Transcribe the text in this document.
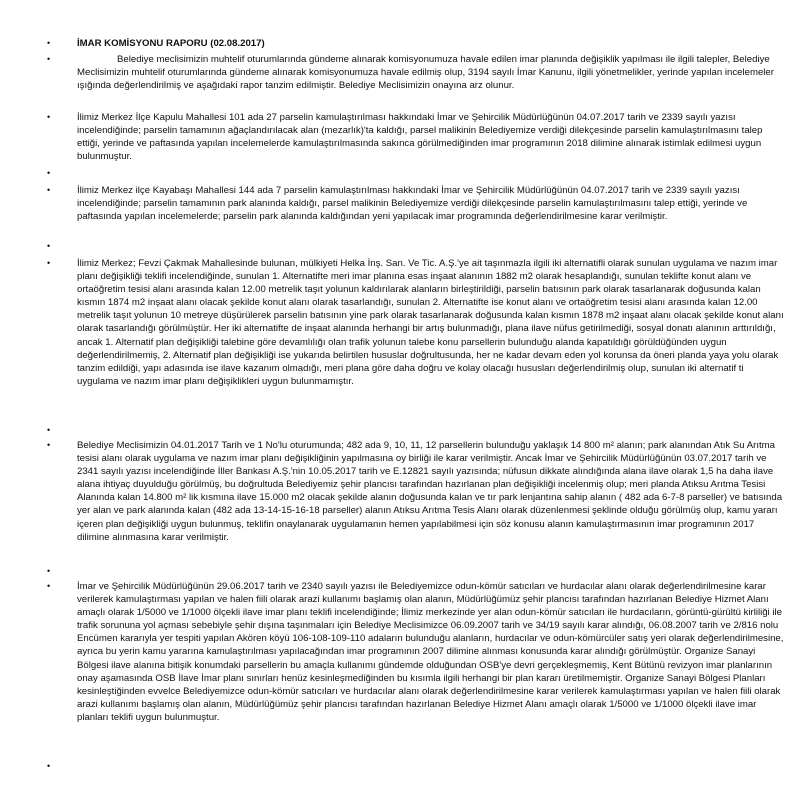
•	İMAR KOMİSYONU RAPORU (02.08.2017)
•	Belediye meclisimizin muhtelif oturumlarında gündeme alınarak komisyonumuza havale edilen imar planında değişiklik yapılması ile ilgili talepler, Belediye Meclisimizin muhtelif oturumlarında gündeme alınarak komisyonumuza havale edilmiş olup, 3194 sayılı İmar Kanunu, ilgili yönetmelikler, yerinde yapılan incelemeler ışığında değerlendirilmiş ve aşağıdaki rapor tanzim edilmiştir. Belediye Meclisimizin onayına arz olunur.
•	İlimiz Merkez İlçe Kapulu Mahallesi 101 ada 27 parselin kamulaştırılması hakkındaki İmar ve Şehircilik Müdürlüğünün 04.07.2017 tarih ve 2339 sayılı yazısı incelendiğinde; parselin tamamının ağaçlandırılacak alan (mezarlık)'ta kaldığı, parsel malikinin Belediyemize verdiği dilekçesinde parselin kamulaştırılmasını talep ettiği, yerinde ve paftasında yapılan incelemelerde kamulaştırılmasında sakınca görülmediğinden imar programının 2018 dilimine alınarak istimlak edilmesi uygun bulunmuştur.
•
•	İlimiz Merkez ilçe Kayabaşı Mahallesi 144 ada 7 parselin kamulaştırılması hakkındaki İmar ve Şehircilik Müdürlüğünün 04.07.2017 tarih ve 2339 sayılı yazısı incelendiğinde; parselin tamamının park alanında kaldığı, parsel malikinin Belediyemize verdiği dilekçesinde parselin kamulaştırılmasını talep ettiği, yerinde ve paftasında yapılan incelemelerde; parselin park alanında kaldığından yeni yapılacak imar programında değerlendirilmesine karar verilmiştir.
•
•	İlimiz Merkez; Fevzi Çakmak Mahallesinde bulunan, mülkiyeti Helka İnş. San. Ve Tic. A.Ş.'ye ait taşınmazla ilgili iki alternatifli olarak sunulan uygulama ve nazım imar planı değişikliği teklifi incelendiğinde, sunulan 1. Alternatifte meri imar planına esas inşaat alanının 1882 m2 olarak hesaplandığı, sunulan teklifte konut alanı ve ortaöğretim tesisi alanı arasında kalan 12.00 metrelik taşıt yolunun kaldırılarak alanların birleştirildiği, parselin batısının park olarak tasarlanarak doğusunda kalan kısmın 1874 m2 inşaat alanı olacak şekilde konut alanı olarak tasarlandığı, sunulan 2. Alternatifte ise konut alanı ve ortaöğretim tesisi alanı arasında kalan 12.00 metrelik taşıt yolunun 10 metreye düşürülerek parselin batısının yine park olarak tasarlanarak doğusunda kalan kısmın 1878 m2 inşaat alanı olacak şekilde konut alanı olarak tasarlandığı görülmüştür. Her iki alternatifte de inşaat alanında herhangi bir artış bulunmadığı, plana ilave nüfus getirilmediği, sosyal donatı alanının arttırıldığı, ancak 1. Alternatif plan değişikliği talebine göre devamlılığı olan trafik yolunun talebe konu parsellerin bulunduğu alanda kapatıldığı görüldüğünden uygun değerlendirilmemiş, 2. Alternatif plan değişikliği ise yukarıda belirtilen hususlar doğrultusunda, her ne kadar devam eden yol korunsa da öneri planda yaya yolu olarak tanzim edildiği, yapı adasında ise ilave kazanım olmadığı, meri plana göre daha doğru ve kolay olacağı hususları değerlendirilmiş olup, sunulan iki alternatif ti uygulama ve nazım imar planı değişiklikleri uygun bulunmamıştır.
•
•	Belediye Meclisimizin 04.01.2017 Tarih ve 1 No'lu oturumunda; 482 ada 9, 10, 11, 12 parsellerin bulunduğu yaklaşık 14 800 m² alanın; park alanından Atık Su Arıtma tesisi alanı olarak uygulama ve nazım imar planı değişikliğinin yapılmasına oy birliği ile karar verilmiştir. Ancak İmar ve Şehircilik Müdürlüğünün 03.07.2017 tarih ve 2341 sayılı yazısı incelendiğinde İller Bankası A.Ş.'nin 10.05.2017 tarih ve E.12821 sayılı yazısında; nüfusun dikkate alındığında alana ilave olarak 1,5 ha daha ilave alana ihtiyaç duyulduğu görülmüş, bu doğrultuda Belediyemiz şehir plancısı tarafından hazırlanan plan değişikliği incelenmiş olup; meri planda Atıksu Arıtma Tesisi Alanında kalan 14.800 m² lik kısmına ilave 15.000 m2 olacak şekilde alanın doğusunda kalan ve tır park lenjantına sahip alanın ( 482 ada 6-7-8 parseller) ve batısında yer alan ve park alanında kalan (482 ada 13-14-15-16-18 parseller) alanın Atıksu Arıtma Tesis Alanı olarak düzenlenmesi şeklinde olduğu görülmüş olup, kamu yararı içeren plan değişikliği uygun bulunmuş, teklifin onaylanarak uygulamanın hemen yapılabilmesi için söz konusu alanın kamulaştırmasının imar programının 2017 dilimine alınmasına karar verilmiştir.
•
•	İmar ve Şehircilik Müdürlüğünün 29.06.2017 tarih ve 2340 sayılı yazısı ile Belediyemizce odun-kömür satıcıları ve hurdacılar alanı olarak değerlendirilmesine karar verilerek kamulaştırması yapılan ve halen fiili olarak arazi kullanımı başlamış olan alanın, Müdürlüğümüz şehir plancısı tarafından hazırlanan Belediye Hizmet Alanı amaçlı olarak 1/5000 ve 1/1000 ölçekli ilave imar planı teklifi incelendiğinde; İlimiz merkezinde yer alan odun-kömür satıcıları ile hurdacıların, görüntü-gürültü kirliliği ile trafik sorununa yol açması sebebiyle şehir dışına taşınmaları için Belediye Meclisimizce 06.09.2007 tarih ve 34/19 sayılı karar alındığı, 06.08.2007 tarih ve 2/816 nolu Encümen kararıyla yer tespiti yapılan Akören köyü 106-108-109-110 adaların bulunduğu alanların, hurdacılar ve odun-kömürcüler satış yeri olarak değerlendirilmesine, ayrıca bu yerin kamu yararına kamulaştırılması yapılacağından imar programının 2007 dilimine alınması konusunda karar alındığı görülmüştür. Organize Sanayi Bölgesi ilave alanına bitişik konumdaki parsellerin bu amaçla kullanımı gündemde olduğundan OSB'ye devri gerçekleşmemiş, Kent Bütünü revizyon imar planlarının onay aşamasında OSB İlave İmar planı sınırları henüz kesinleşmediğinden bu kısımla ilgili herhangi bir plan kararı üretilmemiştir. Organize Sanayi Bölgesi Planları kesinleştiğinden evvelce Belediyemizce odun-kömür satıcıları ve hurdacılar alanı olarak değerlendirilmesine karar verilerek kamulaştırması yapılan ve halen fiili olarak arazi kullanımı başlamış olan alanın, Müdürlüğümüz şehir plancısı tarafından hazırlanan Belediye Hizmet Alanı amaçlı olarak 1/5000 ve 1/1000 ölçekli ilave imar planları teklifi uygun bulunmuştur.
•
